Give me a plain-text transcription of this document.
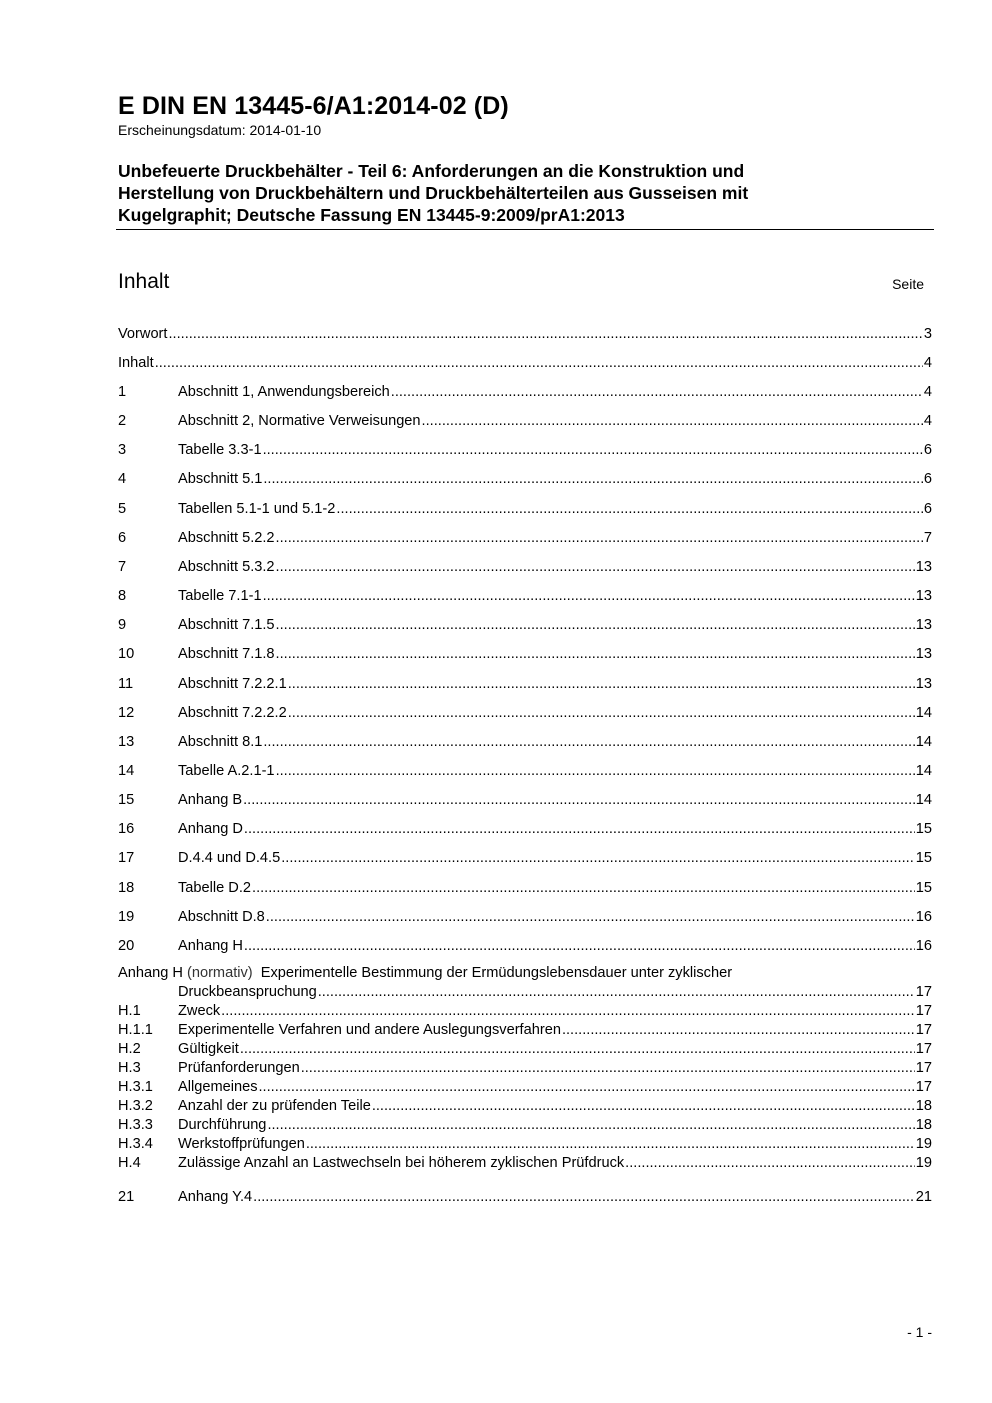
E DIN EN 13445-6/A1:2014-02 (D)
Erscheinungsdatum: 2014-01-10
Unbefeuerte Druckbehälter - Teil 6: Anforderungen an die Konstruktion und
Herstellung von Druckbehältern und Druckbehälterteilen aus Gusseisen mit
Kugelgraphit; Deutsche Fassung EN 13445-9:2009/prA1:2013
Inhalt	Seite
Vorwort .....	3
Inhalt .....	4
1	Abschnitt 1, Anwendungsbereich .....	4
2	Abschnitt 2, Normative Verweisungen .....	4
3	Tabelle 3.3-1 .....	6
4	Abschnitt 5.1 .....	6
5	Tabellen 5.1-1 und 5.1-2 .....	6
6	Abschnitt 5.2.2 .....	7
7	Abschnitt 5.3.2 .....	13
8	Tabelle 7.1-1 .....	13
9	Abschnitt 7.1.5 .....	13
10	Abschnitt 7.1.8 .....	13
11	Abschnitt 7.2.2.1 .....	13
12	Abschnitt 7.2.2.2 .....	14
13	Abschnitt 8.1 .....	14
14	Tabelle A.2.1-1 .....	14
15	Anhang B .....	14
16	Anhang D .....	15
17	D.4.4 und D.4.5 .....	15
18	Tabelle D.2 .....	15
19	Abschnitt D.8 .....	16
20	Anhang H .....	16
Anhang H (normativ) Experimentelle Bestimmung der Ermüdungslebensdauer unter zyklischer
Druckbeanspruchung .....	17
H.1	Zweck .....	17
H.1.1	Experimentelle Verfahren und andere Auslegungsverfahren .....	17
H.2	Gültigkeit .....	17
H.3	Prüfanforderungen .....	17
H.3.1	Allgemeines .....	17
H.3.2	Anzahl der zu prüfenden Teile .....	18
H.3.3	Durchführung .....	18
H.3.4	Werkstoffprüfungen .....	19
H.4	Zulässige Anzahl an Lastwechseln bei höherem zyklischen Prüfdruck .....	19
21	Anhang Y.4 .....	21
- 1 -
